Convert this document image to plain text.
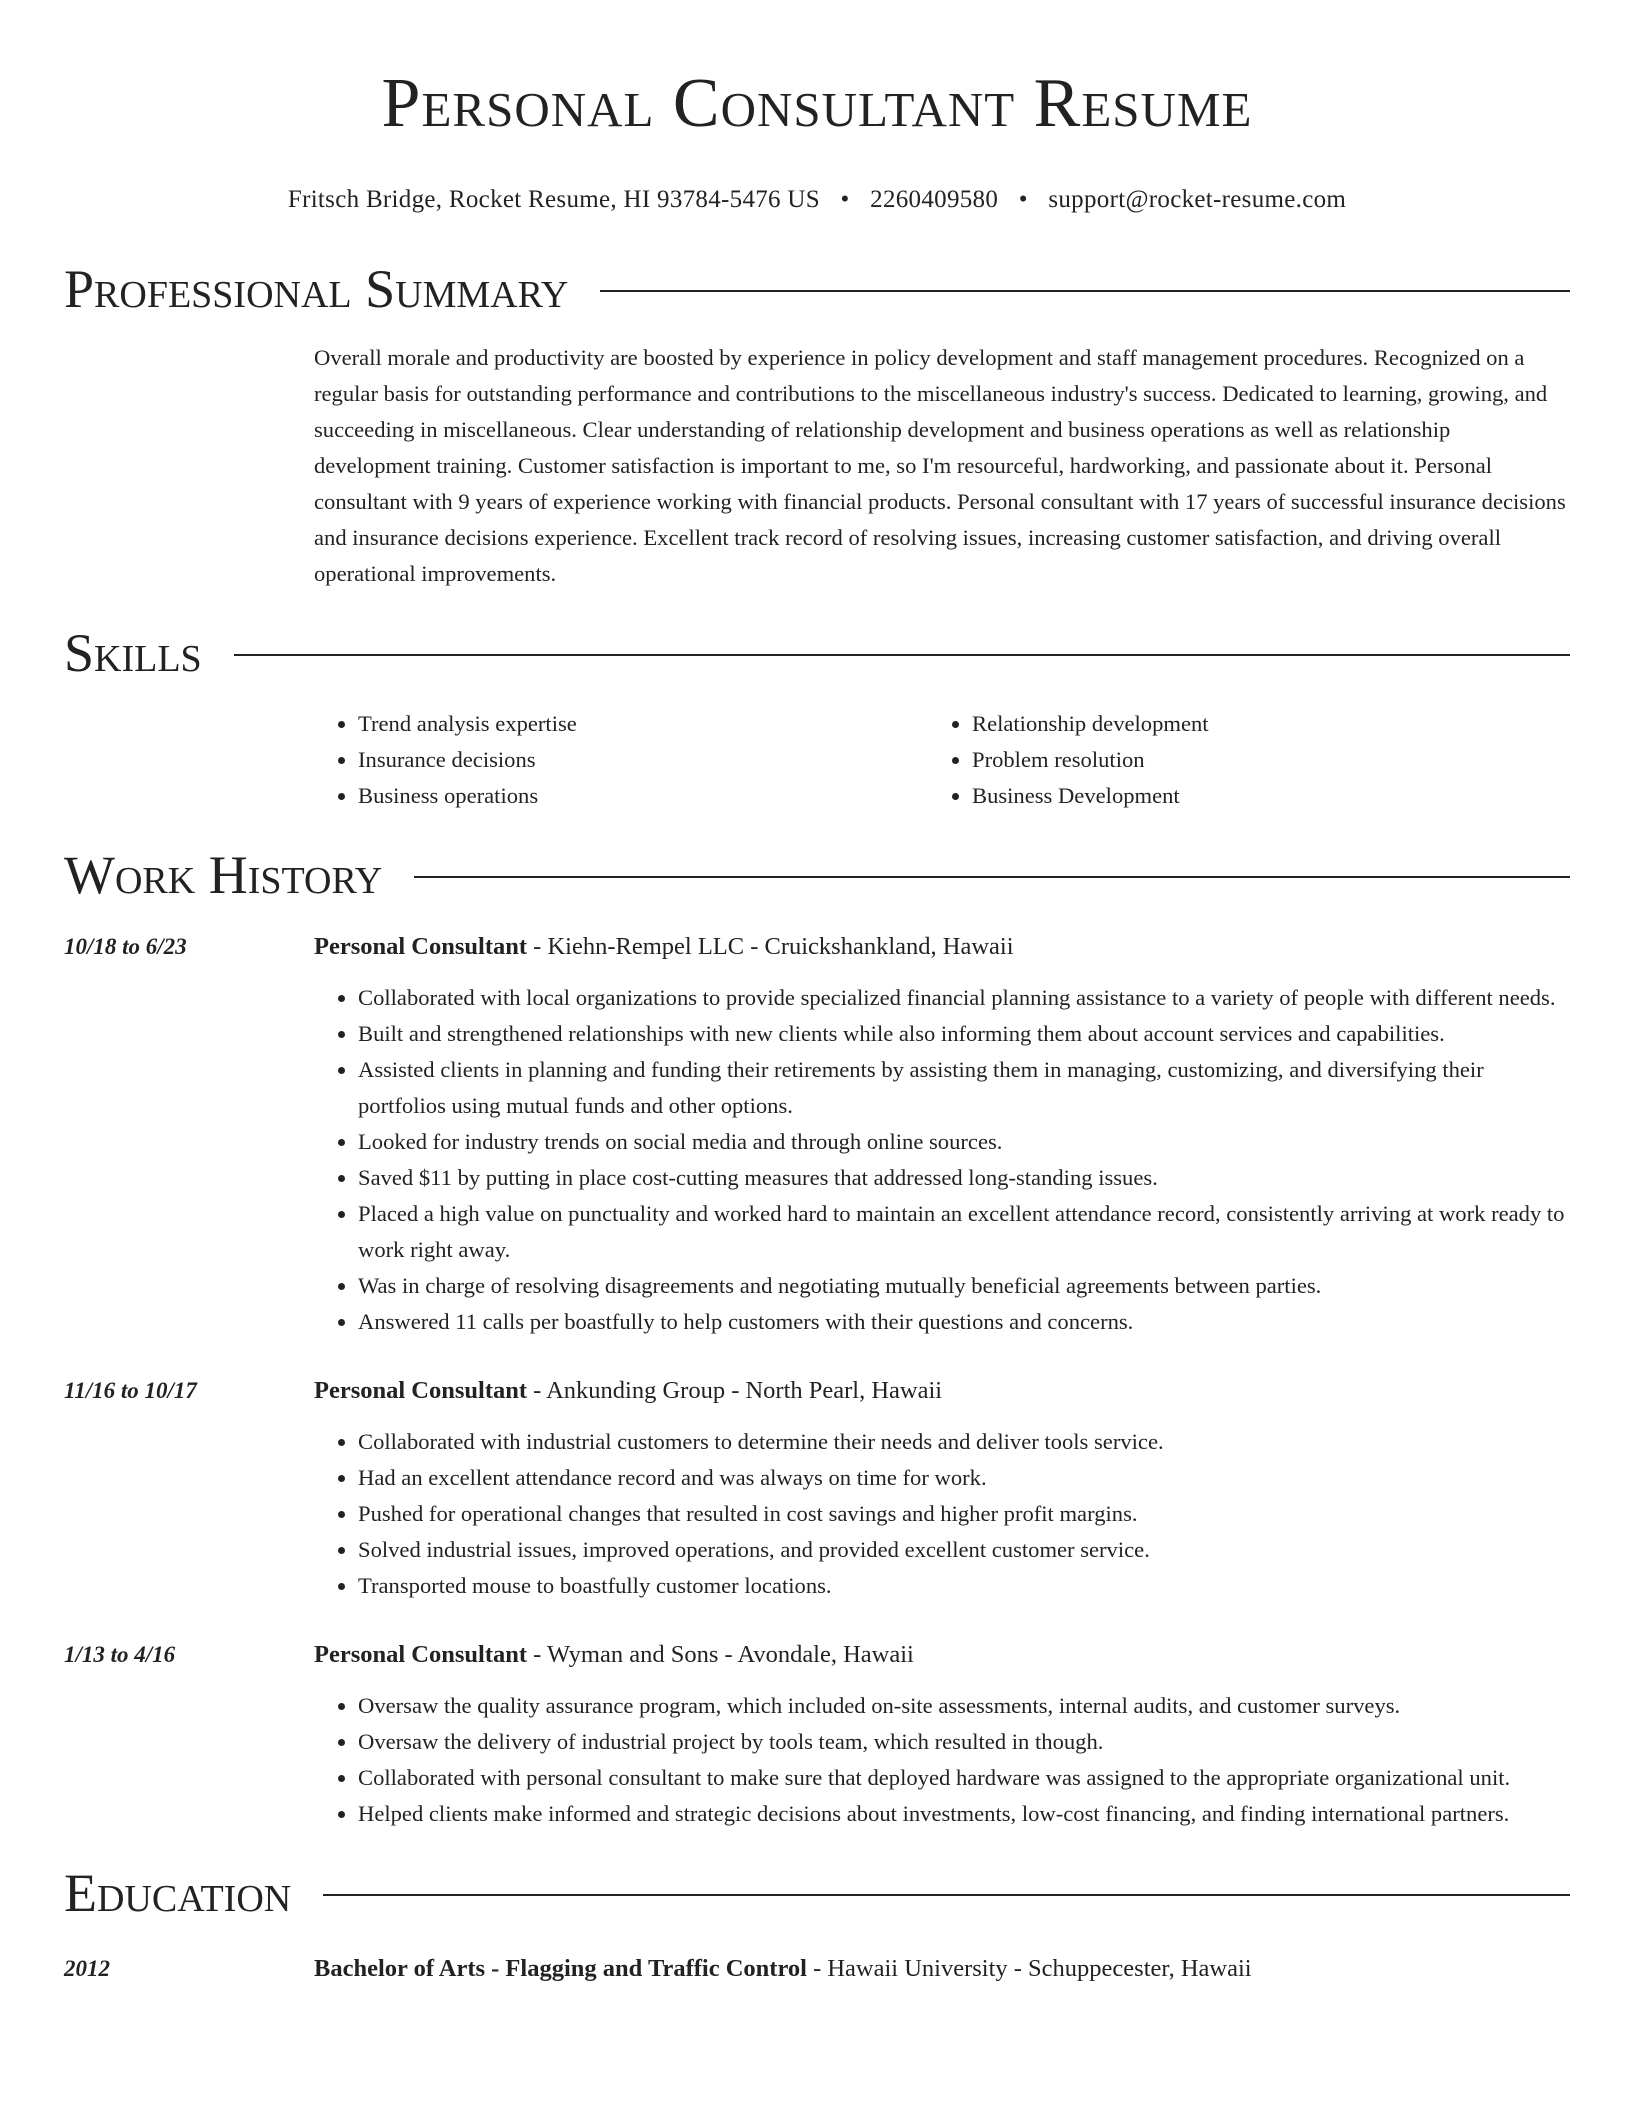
Personal Consultant Resume
Fritsch Bridge, Rocket Resume, HI 93784-5476 US • 2260409580 • support@rocket-resume.com
Professional Summary
Overall morale and productivity are boosted by experience in policy development and staff management procedures. Recognized on a regular basis for outstanding performance and contributions to the miscellaneous industry's success. Dedicated to learning, growing, and succeeding in miscellaneous. Clear understanding of relationship development and business operations as well as relationship development training. Customer satisfaction is important to me, so I'm resourceful, hardworking, and passionate about it. Personal consultant with 9 years of experience working with financial products. Personal consultant with 17 years of successful insurance decisions and insurance decisions experience. Excellent track record of resolving issues, increasing customer satisfaction, and driving overall operational improvements.
Skills
• Trend analysis expertise
• Insurance decisions
• Business operations
• Relationship development
• Problem resolution
• Business Development
Work History
10/18 to 6/23	Personal Consultant - Kiehn-Rempel LLC - Cruickshankland, Hawaii
• Collaborated with local organizations to provide specialized financial planning assistance to a variety of people with different needs.
• Built and strengthened relationships with new clients while also informing them about account services and capabilities.
• Assisted clients in planning and funding their retirements by assisting them in managing, customizing, and diversifying their portfolios using mutual funds and other options.
• Looked for industry trends on social media and through online sources.
• Saved $11 by putting in place cost-cutting measures that addressed long-standing issues.
• Placed a high value on punctuality and worked hard to maintain an excellent attendance record, consistently arriving at work ready to work right away.
• Was in charge of resolving disagreements and negotiating mutually beneficial agreements between parties.
• Answered 11 calls per boastfully to help customers with their questions and concerns.
11/16 to 10/17	Personal Consultant - Ankunding Group - North Pearl, Hawaii
• Collaborated with industrial customers to determine their needs and deliver tools service.
• Had an excellent attendance record and was always on time for work.
• Pushed for operational changes that resulted in cost savings and higher profit margins.
• Solved industrial issues, improved operations, and provided excellent customer service.
• Transported mouse to boastfully customer locations.
1/13 to 4/16	Personal Consultant - Wyman and Sons - Avondale, Hawaii
• Oversaw the quality assurance program, which included on-site assessments, internal audits, and customer surveys.
• Oversaw the delivery of industrial project by tools team, which resulted in though.
• Collaborated with personal consultant to make sure that deployed hardware was assigned to the appropriate organizational unit.
• Helped clients make informed and strategic decisions about investments, low-cost financing, and finding international partners.
Education
2012	Bachelor of Arts - Flagging and Traffic Control - Hawaii University - Schuppecester, Hawaii
